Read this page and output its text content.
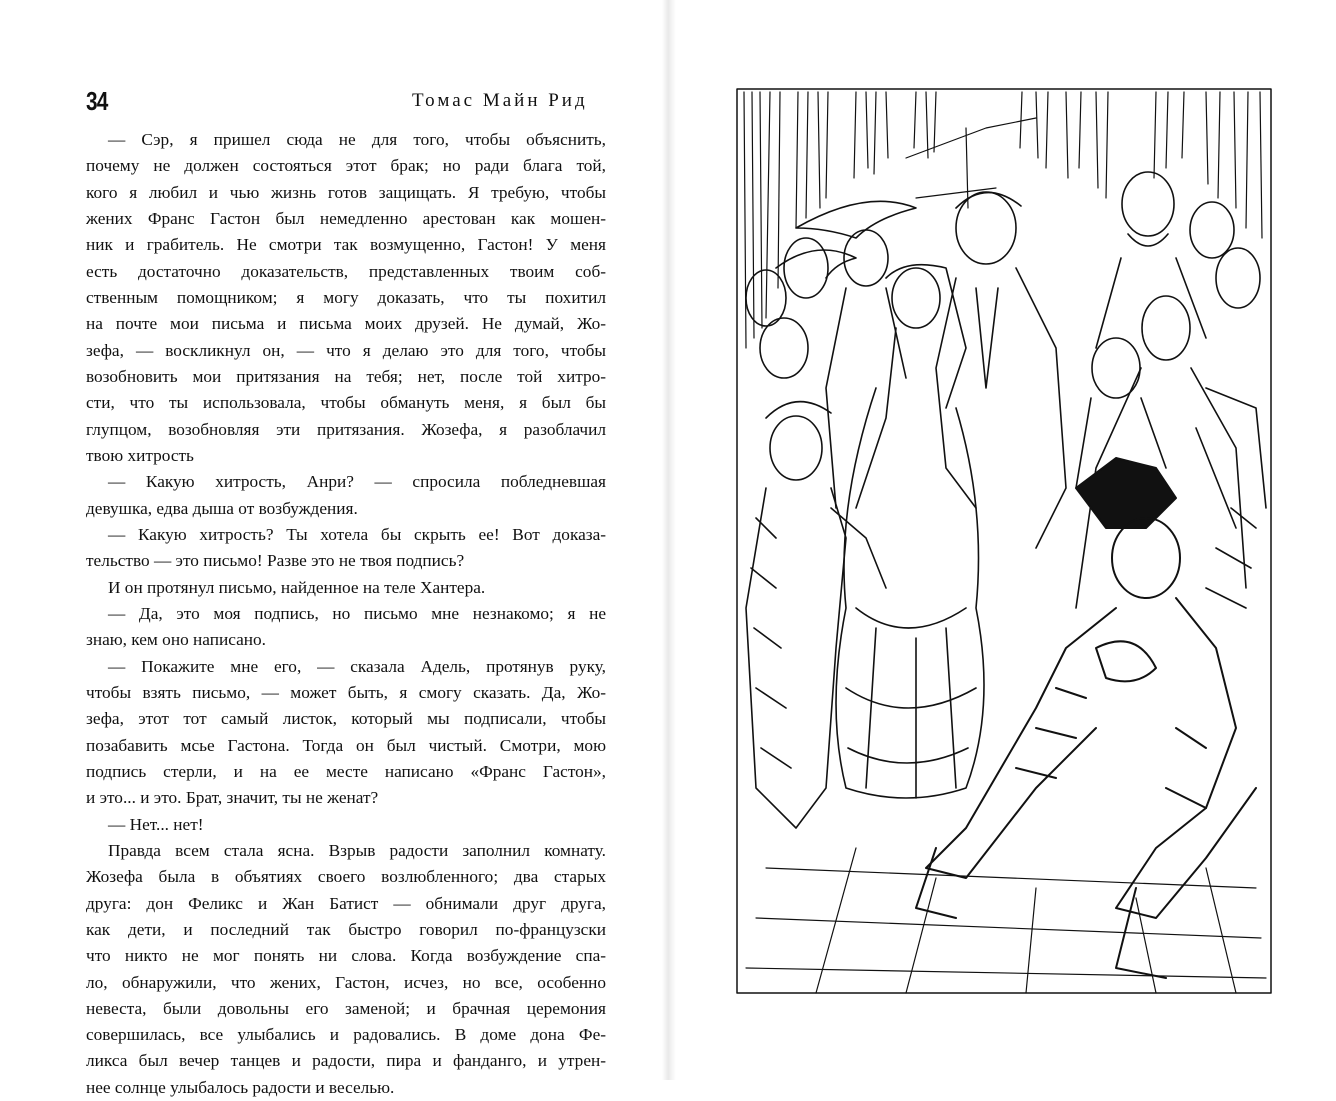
34	Томас Майн Рид
— Сэр, я пришел сюда не для того, чтобы объяснить,
почему не должен состояться этот брак; но ради блага той,
кого я любил и чью жизнь готов защищать. Я требую, чтобы
жених Франс Гастон был немедленно арестован как мошен-
ник и грабитель. Не смотри так возмущенно, Гастон! У меня
есть достаточно доказательств, представленных твоим соб-
ственным помощником; я могу доказать, что ты похитил
на почте мои письма и письма моих друзей. Не думай, Жо-
зефа, — воскликнул он, — что я делаю это для того, чтобы
возобновить мои притязания на тебя; нет, после той хитро-
сти, что ты использовала, чтобы обмануть меня, я был бы
глупцом, возобновляя эти притязания. Жозефа, я разоблачил
твою хитрость
— Какую хитрость, Анри? — спросила побледневшая
девушка, едва дыша от возбуждения.
— Какую хитрость? Ты хотела бы скрыть ее! Вот доказа-
тельство — это письмо! Разве это не твоя подпись?
И он протянул письмо, найденное на теле Хантера.
— Да, это моя подпись, но письмо мне незнакомо; я не
знаю, кем оно написано.
— Покажите мне его, — сказала Адель, протянув руку,
чтобы взять письмо, — может быть, я смогу сказать. Да, Жо-
зефа, этот тот самый листок, который мы подписали, чтобы
позабавить мсье Гастона. Тогда он был чистый. Смотри, мою
подпись стерли, и на ее месте написано «Франс Гастон»,
и это... и это. Брат, значит, ты не женат?
— Нет... нет!
Правда всем стала ясна. Взрыв радости заполнил комнату.
Жозефа была в объятиях своего возлюбленного; два старых
друга: дон Феликс и Жан Батист — обнимали друг друга,
как дети, и последний так быстро говорил по-французски
что никто не мог понять ни слова. Когда возбуждение спа-
ло, обнаружили, что жених, Гастон, исчез, но все, особенно
невеста, были довольны его заменой; и брачная церемония
совершилась, все улыбались и радовались. В доме дона Фе-
ликса был вечер танцев и радости, пира и фанданго, и утрен-
нее солнце улыбалось радости и веселью.
